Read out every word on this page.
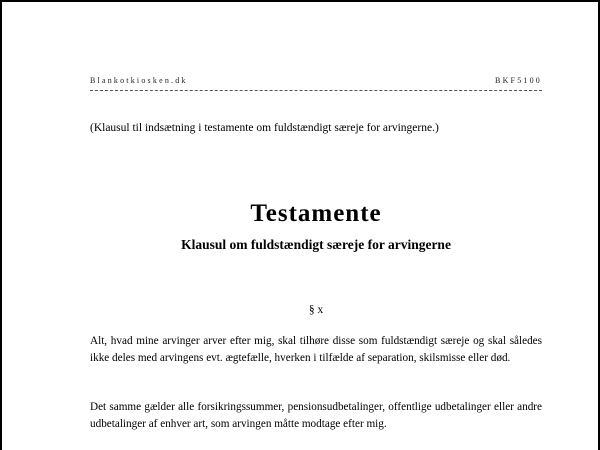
Blankotkiosken.dk	BKF5100
(Klausul til indsætning i testamente om fuldstændigt særeje for arvingerne.)
Testamente
Klausul om fuldstændigt særeje for arvingerne
§ x
Alt, hvad mine arvinger arver efter mig, skal tilhøre disse som fuldstændigt særeje og skal således ikke deles med arvingens evt. ægtefælle, hverken i tilfælde af separation, skilsmisse eller død.
Det samme gælder alle forsikringssummer, pensionsudbetalinger, offentlige udbetalinger eller andre udbetalinger af enhver art, som arvingen måtte modtage efter mig.
